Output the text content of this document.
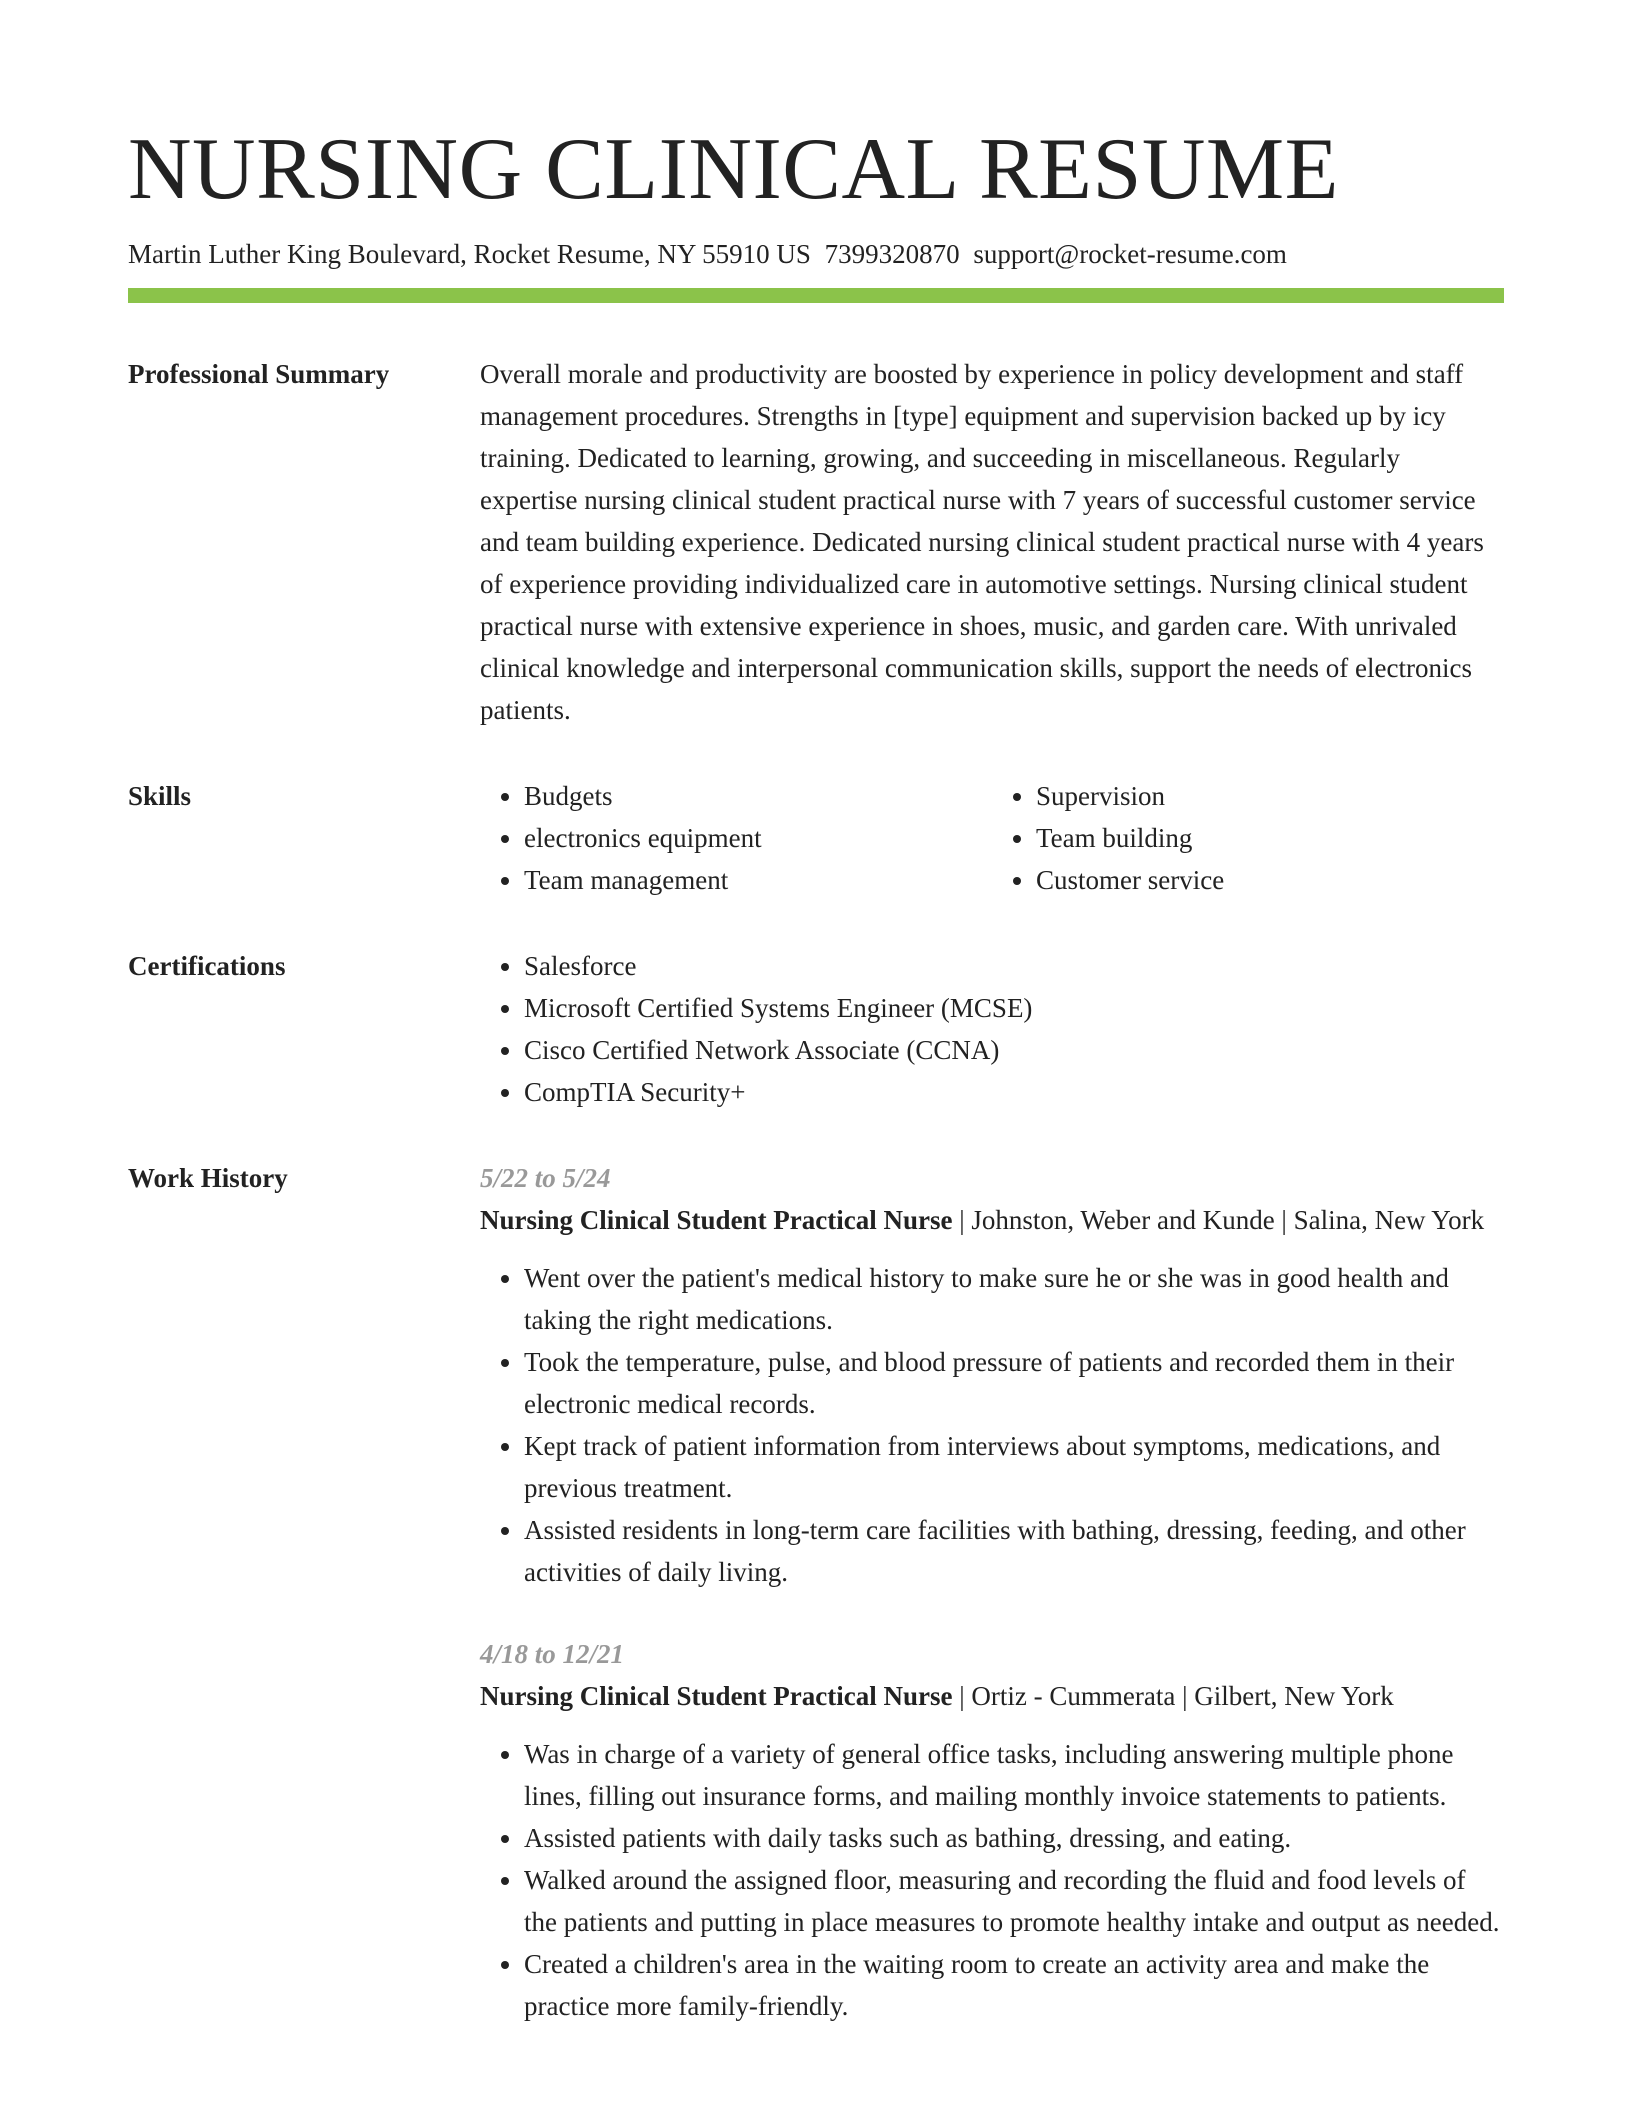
NURSING CLINICAL RESUME
Martin Luther King Boulevard, Rocket Resume, NY 55910 US 7399320870 support@rocket-resume.com
Professional Summary	Overall morale and productivity are boosted by experience in policy development and staff management procedures. Strengths in [type] equipment and supervision backed up by icy training. Dedicated to learning, growing, and succeeding in miscellaneous. Regularly expertise nursing clinical student practical nurse with 7 years of successful customer service and team building experience. Dedicated nursing clinical student practical nurse with 4 years of experience providing individualized care in automotive settings. Nursing clinical student practical nurse with extensive experience in shoes, music, and garden care. With unrivaled clinical knowledge and interpersonal communication skills, support the needs of electronics patients.

Skills	• Budgets
• electronics equipment
• Team management
• Supervision
• Team building
• Customer service
Certifications	• Salesforce
• Microsoft Certified Systems Engineer (MCSE)
• Cisco Certified Network Associate (CCNA)
• CompTIA Security+
Work History	5/22 to 5/24
Nursing Clinical Student Practical Nurse | Johnston, Weber and Kunde | Salina, New York
• Went over the patient's medical history to make sure he or she was in good health and taking the right medications.
• Took the temperature, pulse, and blood pressure of patients and recorded them in their electronic medical records.
• Kept track of patient information from interviews about symptoms, medications, and previous treatment.
• Assisted residents in long-term care facilities with bathing, dressing, feeding, and other activities of daily living.
4/18 to 12/21
Nursing Clinical Student Practical Nurse | Ortiz - Cummerata | Gilbert, New York
• Was in charge of a variety of general office tasks, including answering multiple phone lines, filling out insurance forms, and mailing monthly invoice statements to patients.
• Assisted patients with daily tasks such as bathing, dressing, and eating.
• Walked around the assigned floor, measuring and recording the fluid and food levels of the patients and putting in place measures to promote healthy intake and output as needed.
• Created a children's area in the waiting room to create an activity area and make the practice more family-friendly.
